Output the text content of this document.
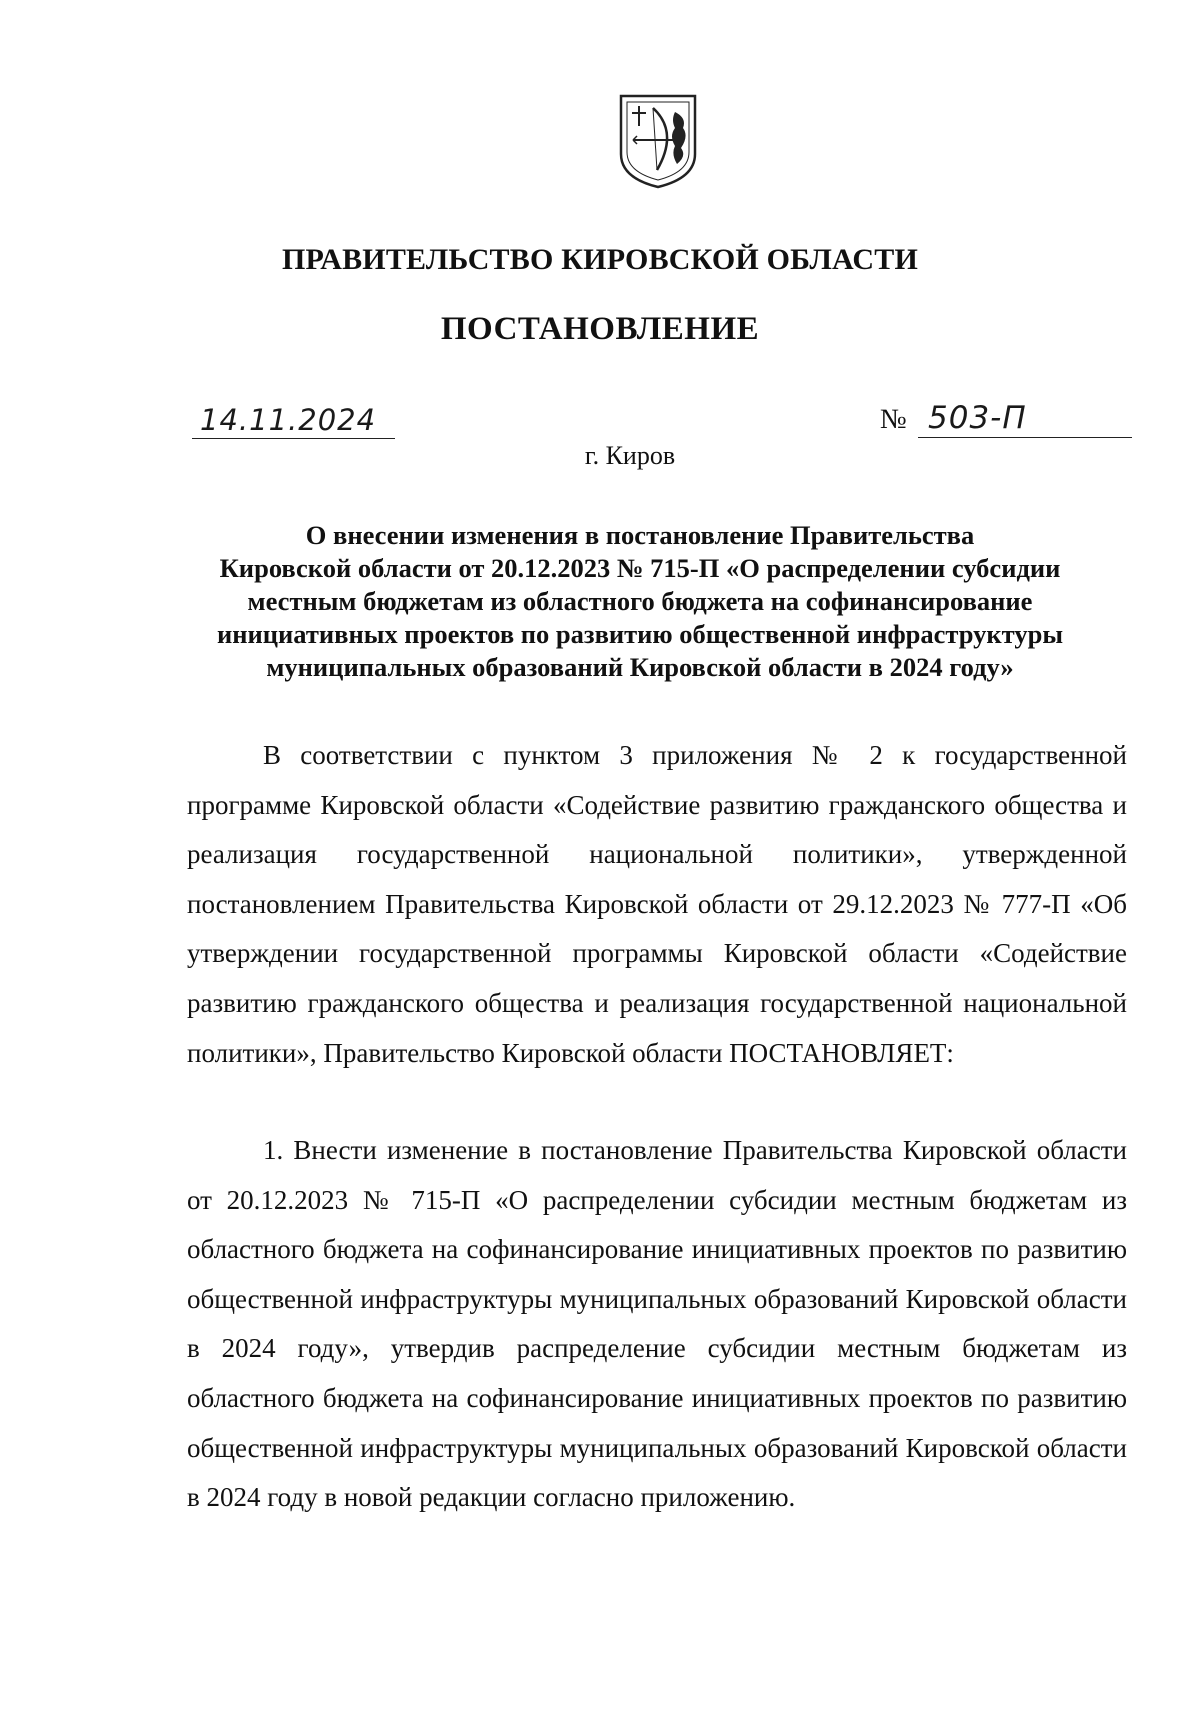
ПРАВИТЕЛЬСТВО КИРОВСКОЙ ОБЛАСТИ
ПОСТАНОВЛЕНИЕ
14.11.2024	№ 503-П
г. Киров
О внесении изменения в постановление Правительства
Кировской области от 20.12.2023 № 715-П «О распределении субсидии
местным бюджетам из областного бюджета на софинансирование
инициативных проектов по развитию общественной инфраструктуры
муниципальных образований Кировской области в 2024 году»
В соответствии с пунктом 3 приложения № 2 к государственной программе Кировской области «Содействие развитию гражданского общества и реализация государственной национальной политики», утвержденной постановлением Правительства Кировской области от 29.12.2023 № 777-П «Об утверждении государственной программы Кировской области «Содействие развитию гражданского общества и реализация государственной национальной политики», Правительство Кировской области ПОСТАНОВЛЯЕТ:
1. Внести изменение в постановление Правительства Кировской области от 20.12.2023 № 715-П «О распределении субсидии местным бюджетам из областного бюджета на софинансирование инициативных проектов по развитию общественной инфраструктуры муниципальных образований Кировской области в 2024 году», утвердив распределение субсидии местным бюджетам из областного бюджета на софинансирование инициативных проектов по развитию общественной инфраструктуры муниципальных образований Кировской области в 2024 году в новой редакции согласно приложению.
